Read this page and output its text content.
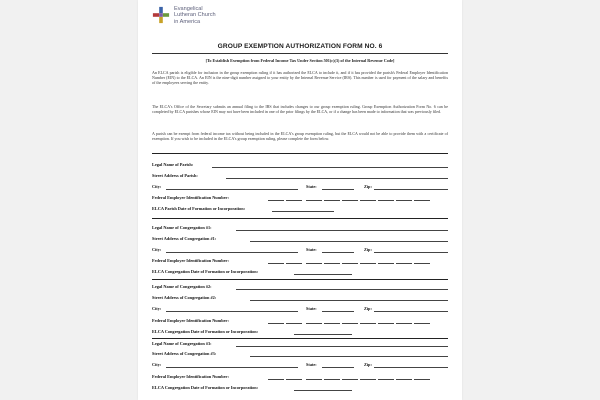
Evangelical
Lutheran Church
in America
GROUP EXEMPTION AUTHORIZATION FORM NO. 6
[To Establish Exemption from Federal Income Tax Under Section 501(c)(3) of the Internal Revenue Code]
An ELCA parish is eligible for inclusion in the group exemption ruling if it has authorized the ELCA to include it, and if it has provided the parish's Federal Employer Identification Number (EIN) to the ELCA. An EIN is the nine-digit number assigned to your entity by the Internal Revenue Service (IRS). This number is used for payment of the salary and benefits of the employees serving the entity.
The ELCA's Office of the Secretary submits an annual filing to the IRS that includes changes to our group exemption ruling. Group Exemption Authorization Form No. 6 can be completed by ELCA parishes whose EIN may not have been included in one of the prior filings by the ELCA, or if a change has been made to information that was previously filed.
A parish can be exempt from federal income tax without being included in the ELCA's group exemption ruling, but the ELCA would not be able to provide them with a certificate of exemption. If you wish to be included in the ELCA's group exemption ruling, please complete the form below.
Legal Name of Parish:
Street Address of Parish:
City:	State:	Zip:
Federal Employer Identification Number:
ELCA Parish Date of Formation or Incorporation:
Legal Name of Congregation #1:
Street Address of Congregation #1:
City:	State:	Zip:
Federal Employer Identification Number:
ELCA Congregation Date of Formation or Incorporation:
Legal Name of Congregation #2:
Street Address of Congregation #2:
City:	State:	Zip:
Federal Employer Identification Number:
ELCA Congregation Date of Formation or Incorporation:
Legal Name of Congregation #3:
Street Address of Congregation #3:
City:	State:	Zip:
Federal Employer Identification Number:
ELCA Congregation Date of Formation or Incorporation:
